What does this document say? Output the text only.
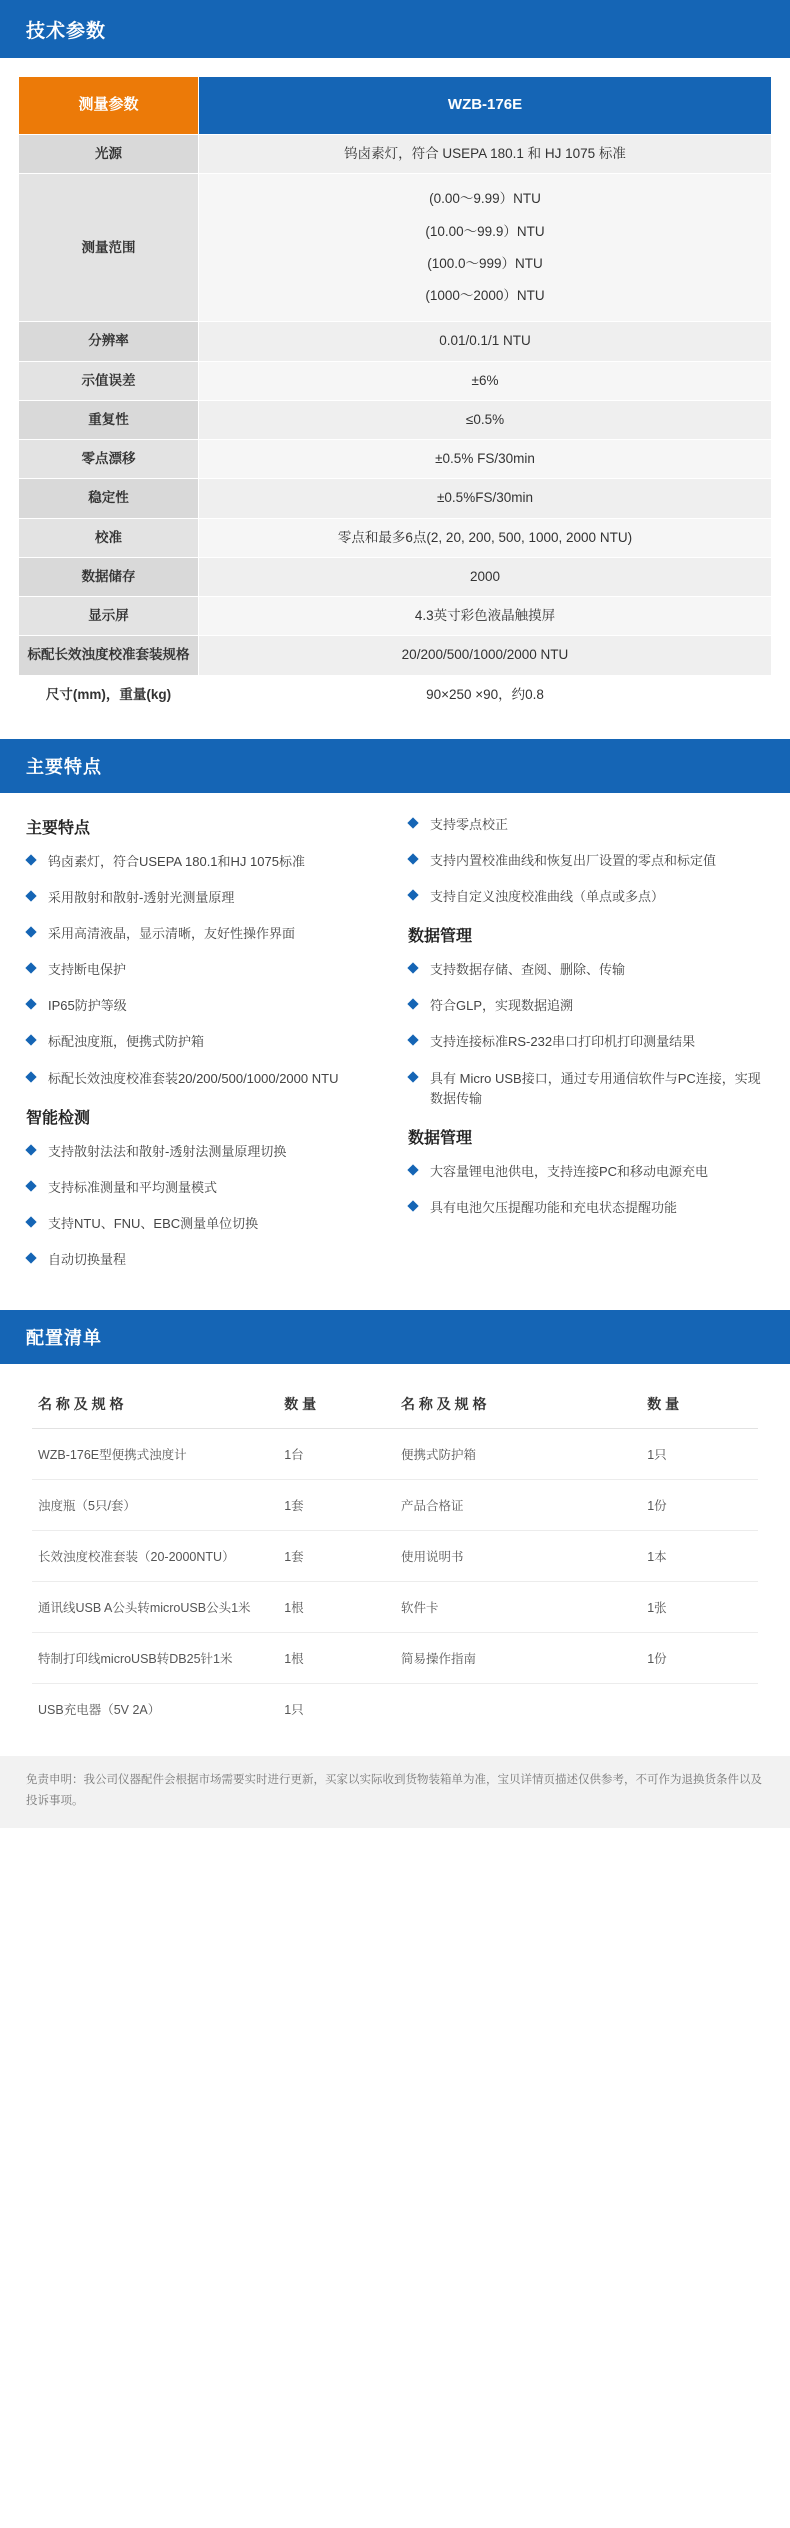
技术参数
测量参数	WZB-176E
光源	钨卤素灯，符合 USEPA 180.1 和 HJ 1075 标准
测量范围	(0.00～9.99）NTU
(10.00～99.9）NTU
(100.0～999）NTU
(1000～2000）NTU

分辨率	0.01/0.1/1 NTU
示值误差	±6%
重复性	≤0.5%
零点漂移	±0.5% FS/30min
稳定性	±0.5%FS/30min
校准	零点和最多6点(2, 20, 200, 500, 1000, 2000 NTU)
数据储存	2000
显示屏	4.3英寸彩色液晶触摸屏
标配长效浊度校准套装规格	20/200/500/1000/2000 NTU
尺寸(mm)，重量(kg)	90×250 ×90，约0.8
主要特点
主要特点
钨卤素灯，符合USEPA 180.1和HJ 1075标准
采用散射和散射-透射光测量原理
采用高清液晶，显示清晰，友好性操作界面
支持断电保护
IP65防护等级
标配浊度瓶，便携式防护箱
标配长效浊度校准套装20/200/500/1000/2000 NTU
智能检测
支持散射法法和散射-透射法测量原理切换
支持标准测量和平均测量模式
支持NTU、FNU、EBC测量单位切换
自动切换量程
支持零点校正
支持内置校准曲线和恢复出厂设置的零点和标定值
支持自定义浊度校准曲线（单点或多点）
数据管理
支持数据存储、查阅、删除、传输
符合GLP，实现数据追溯
支持连接标准RS-232串口打印机打印测量结果
具有 Micro USB接口，通过专用通信软件与PC连接，实现数据传输
数据管理
大容量锂电池供电，支持连接PC和移动电源充电
具有电池欠压提醒功能和充电状态提醒功能
配置清单
名 称 及 规 格	数 量	名 称 及 规 格	数 量
WZB-176E型便携式浊度计	1台	便携式防护箱	1只
浊度瓶（5只/套）	1套	产品合格证	1份
长效浊度校准套装（20-2000NTU）	1套	使用说明书	1本
通讯线USB A公头转microUSB公头1米	1根	软件卡	1张
特制打印线microUSB转DB25针1米	1根	简易操作指南	1份
USB充电器（5V 2A）	1只		
免责申明：我公司仪器配件会根据市场需要实时进行更新，买家以实际收到货物装箱单为准，宝贝详情页描述仅供参考，不可作为退换货条件以及投诉事项。
